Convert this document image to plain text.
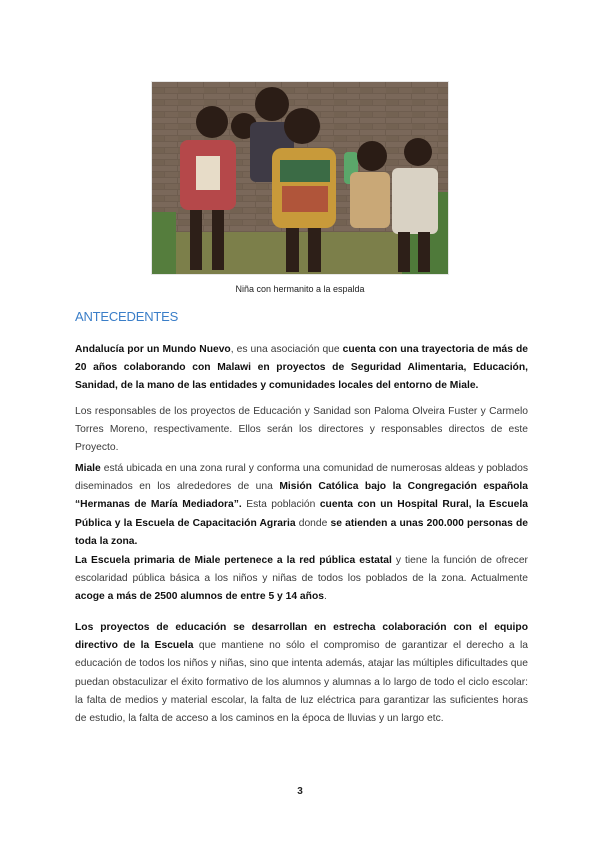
Niña con hermanito a la espalda
ANTECEDENTES

Andalucía por un Mundo Nuevo, es una asociación que cuenta con una trayectoria de más de 20 años colaborando con Malawi en proyectos de Seguridad Alimentaria, Educación, Sanidad, de la mano de las entidades y comunidades locales del entorno de Miale.

Los responsables de los proyectos de Educación y Sanidad son Paloma Olveira Fuster y Carmelo Torres Moreno, respectivamente. Ellos serán los directores y responsables directos de este Proyecto.

Miale está ubicada en una zona rural y conforma una comunidad de numerosas aldeas y poblados diseminados en los alrededores de una Misión Católica bajo la Congregación española “Hermanas de María Mediadora”. Esta población cuenta con un Hospital Rural, la Escuela Pública y la Escuela de Capacitación Agraria donde se atienden a unas 200.000 personas de toda la zona.

La Escuela primaria de Miale pertenece a la red pública estatal y tiene la función de ofrecer escolaridad pública básica a los niños y niñas de todos los poblados de la zona. Actualmente acoge a más de 2500 alumnos de entre 5 y 14 años.

Los proyectos de educación se desarrollan en estrecha colaboración con el equipo directivo de la Escuela que mantiene no sólo el compromiso de garantizar el derecho a la educación de todos los niños y niñas, sino que intenta además, atajar las múltiples dificultades que puedan obstaculizar el éxito formativo de los alumnos y alumnas a lo largo de todo el ciclo escolar: la falta de medios y material escolar, la falta de luz eléctrica para garantizar las suficientes horas de estudio, la falta de acceso a los caminos en la época de lluvias y un largo etc.

3
